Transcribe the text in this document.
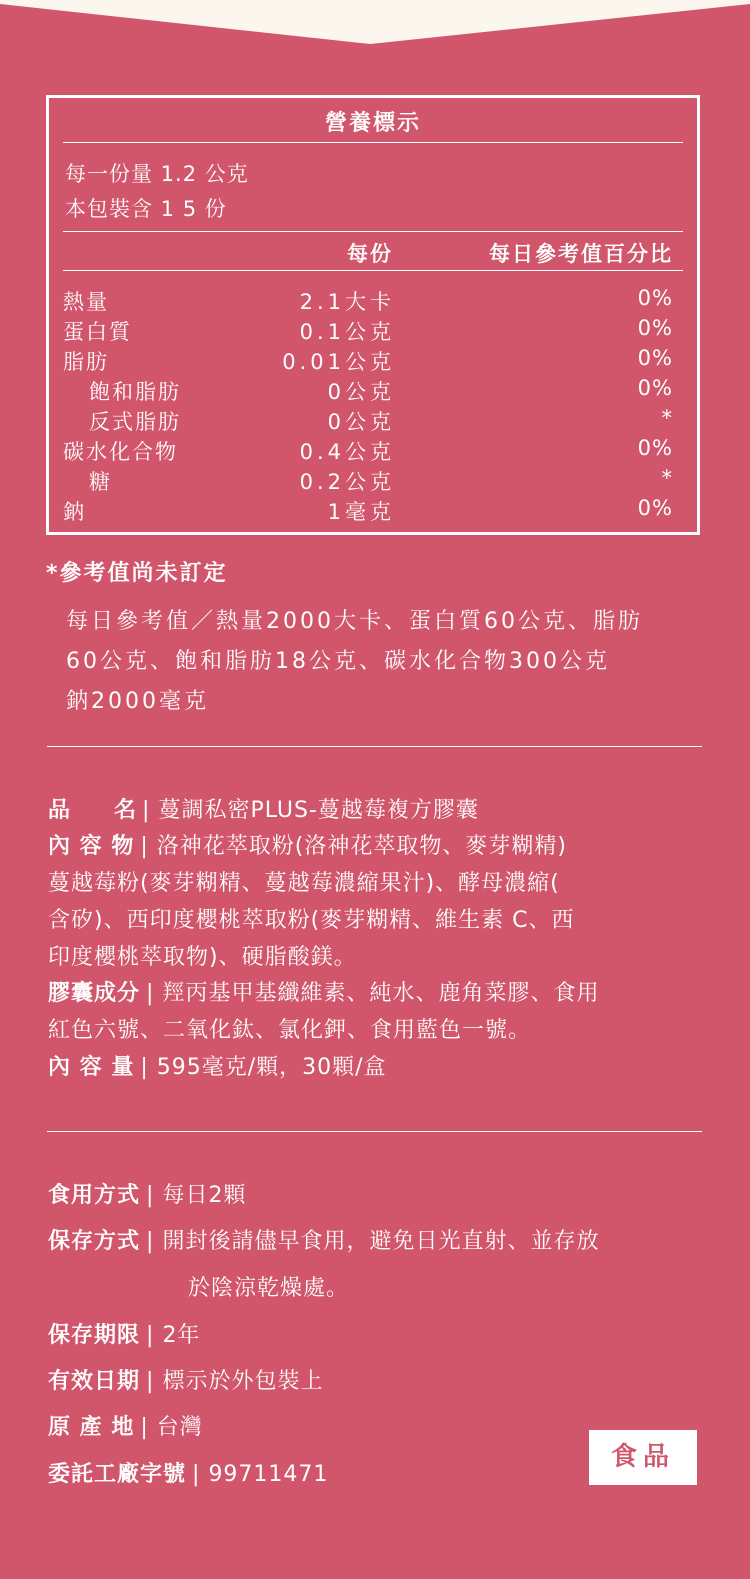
營養標示
每一份量 1.2 公克
本包裝含 1 5 份
每份	每日參考值百分比
熱量	2.1大卡	0%
蛋白質	0.1公克	0%
脂肪	0.01公克	0%
飽和脂肪	0公克	0%
反式脂肪	0公克	*
碳水化合物	0.4公克	0%
糖	0.2公克	*
鈉	1毫克	0%
*參考值尚未訂定
每日參考值／熱量2000大卡、蛋白質60公克、脂肪
60公克、飽和脂肪18公克、碳水化合物300公克
鈉2000毫克
品　　名 | 蔓調私密PLUS-蔓越莓複方膠囊
內 容 物 | 洛神花萃取粉(洛神花萃取物、麥芽糊精)
蔓越莓粉(麥芽糊精、蔓越莓濃縮果汁)、酵母濃縮(
含矽)、西印度櫻桃萃取粉(麥芽糊精、維生素 C、西
印度櫻桃萃取物)、硬脂酸鎂。
膠囊成分 | 羥丙基甲基纖維素、純水、鹿角菜膠、食用
紅色六號、二氧化鈦、氯化鉀、食用藍色一號。
內 容 量 | 595毫克/顆，30顆/盒
食用方式 | 每日2顆
保存方式 | 開封後請儘早食用，避免日光直射、並存放
於陰涼乾燥處。
保存期限 | 2年
有效日期 | 標示於外包裝上
原 產 地 | 台灣
委託工廠字號 | 99711471
食品
